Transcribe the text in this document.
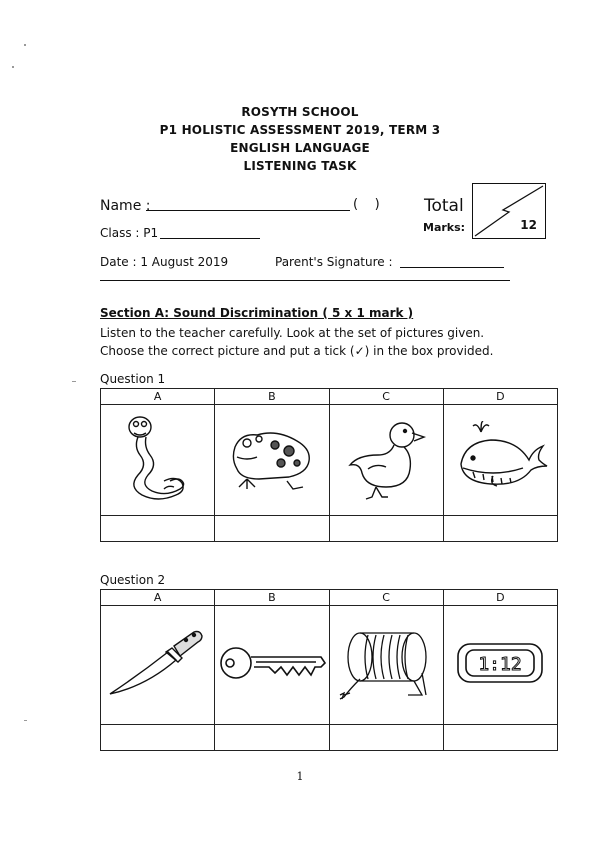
ROSYTH SCHOOL
P1 HOLISTIC ASSESSMENT 2019, TERM 3
ENGLISH LANGUAGE
LISTENING TASK
Name :	(    )
Class : P1
Date : 1 August 2019	Parent's Signature :
Total
Marks:	12
Section A: Sound Discrimination ( 5 x 1 mark )
Listen to the teacher carefully. Look at the set of pictures given.
Choose the correct picture and put a tick (✓) in the box provided.
Question 1
A	B	C	D

Question 2
A	B	C	D

1:12

1
